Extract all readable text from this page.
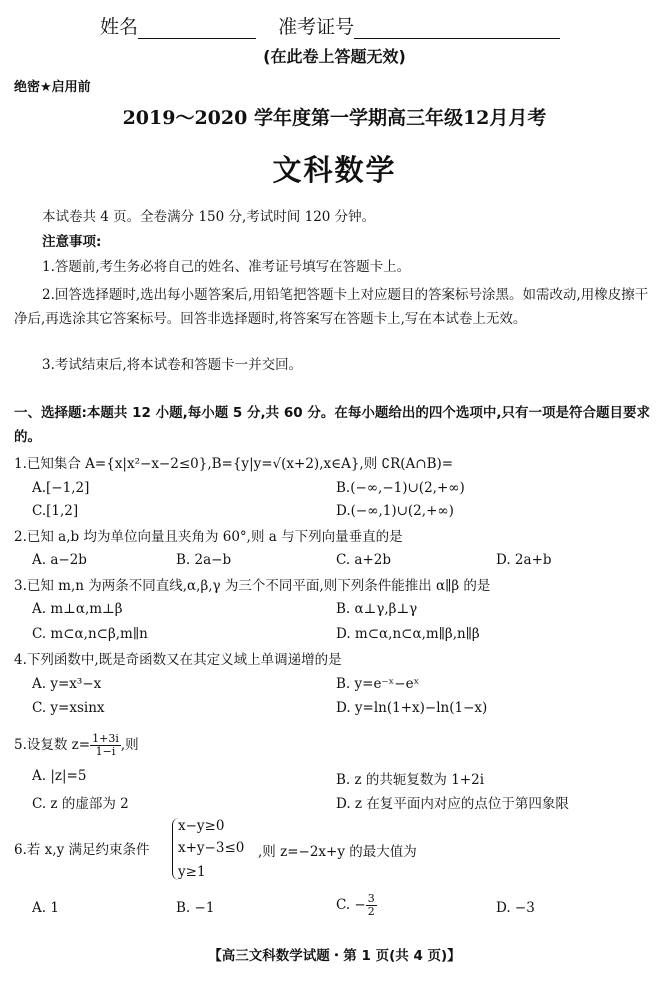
姓名	准考证号
(在此卷上答题无效)
绝密★启用前
2019～2020 学年度第一学期高三年级12月月考
文科数学
本试卷共 4 页。全卷满分 150 分,考试时间 120 分钟。
注意事项:
1.答题前,考生务必将自己的姓名、准考证号填写在答题卡上。
2.回答选择题时,选出每小题答案后,用铅笔把答题卡上对应题目的答案标号涂黑。如需改动,用橡皮擦干净后,再选涂其它答案标号。回答非选择题时,将答案写在答题卡上,写在本试卷上无效。
3.考试结束后,将本试卷和答题卡一并交回。
一、选择题:本题共 12 小题,每小题 5 分,共 60 分。在每小题给出的四个选项中,只有一项是符合题目要求的。
1.已知集合 A={x|x²−x−2≤0},B={y|y=√(x+2),x∈A},则 ∁R(A∩B)=
A.[−1,2]	B.(−∞,−1)∪(2,+∞)
C.[1,2]	D.(−∞,1)∪(2,+∞)
2.已知 a,b 均为单位向量且夹角为 60°,则 a 与下列向量垂直的是
A. a−2b	B. 2a−b	C. a+2b	D. 2a+b
3.已知 m,n 为两条不同直线,α,β,γ 为三个不同平面,则下列条件能推出 α∥β 的是
A. m⊥α,m⊥β	B. α⊥γ,β⊥γ
C. m⊂α,n⊂β,m∥n	D. m⊂α,n⊂α,m∥β,n∥β
4.下列函数中,既是奇函数又在其定义域上单调递增的是
A. y=x³−x	B. y=e⁻ˣ−eˣ
C. y=xsinx	D. y=ln(1+x)−ln(1−x)
5.设复数 $z= \frac{1+3i}{1-i}$ ,则
A. |z|=5	B. z 的共轭复数为 1+2i
C. z 的虚部为 2	D. z 在复平面内对应的点位于第四象限
6.若 x,y 满足约束条件
x−y≥0
x+y−3≤0
y≥1
,则 z=−2x+y 的最大值为
A. 1	B. −1	C. − $\frac{3}{2}$	D. −3
【高三文科数学试题・第 1 页(共 4 页)】
